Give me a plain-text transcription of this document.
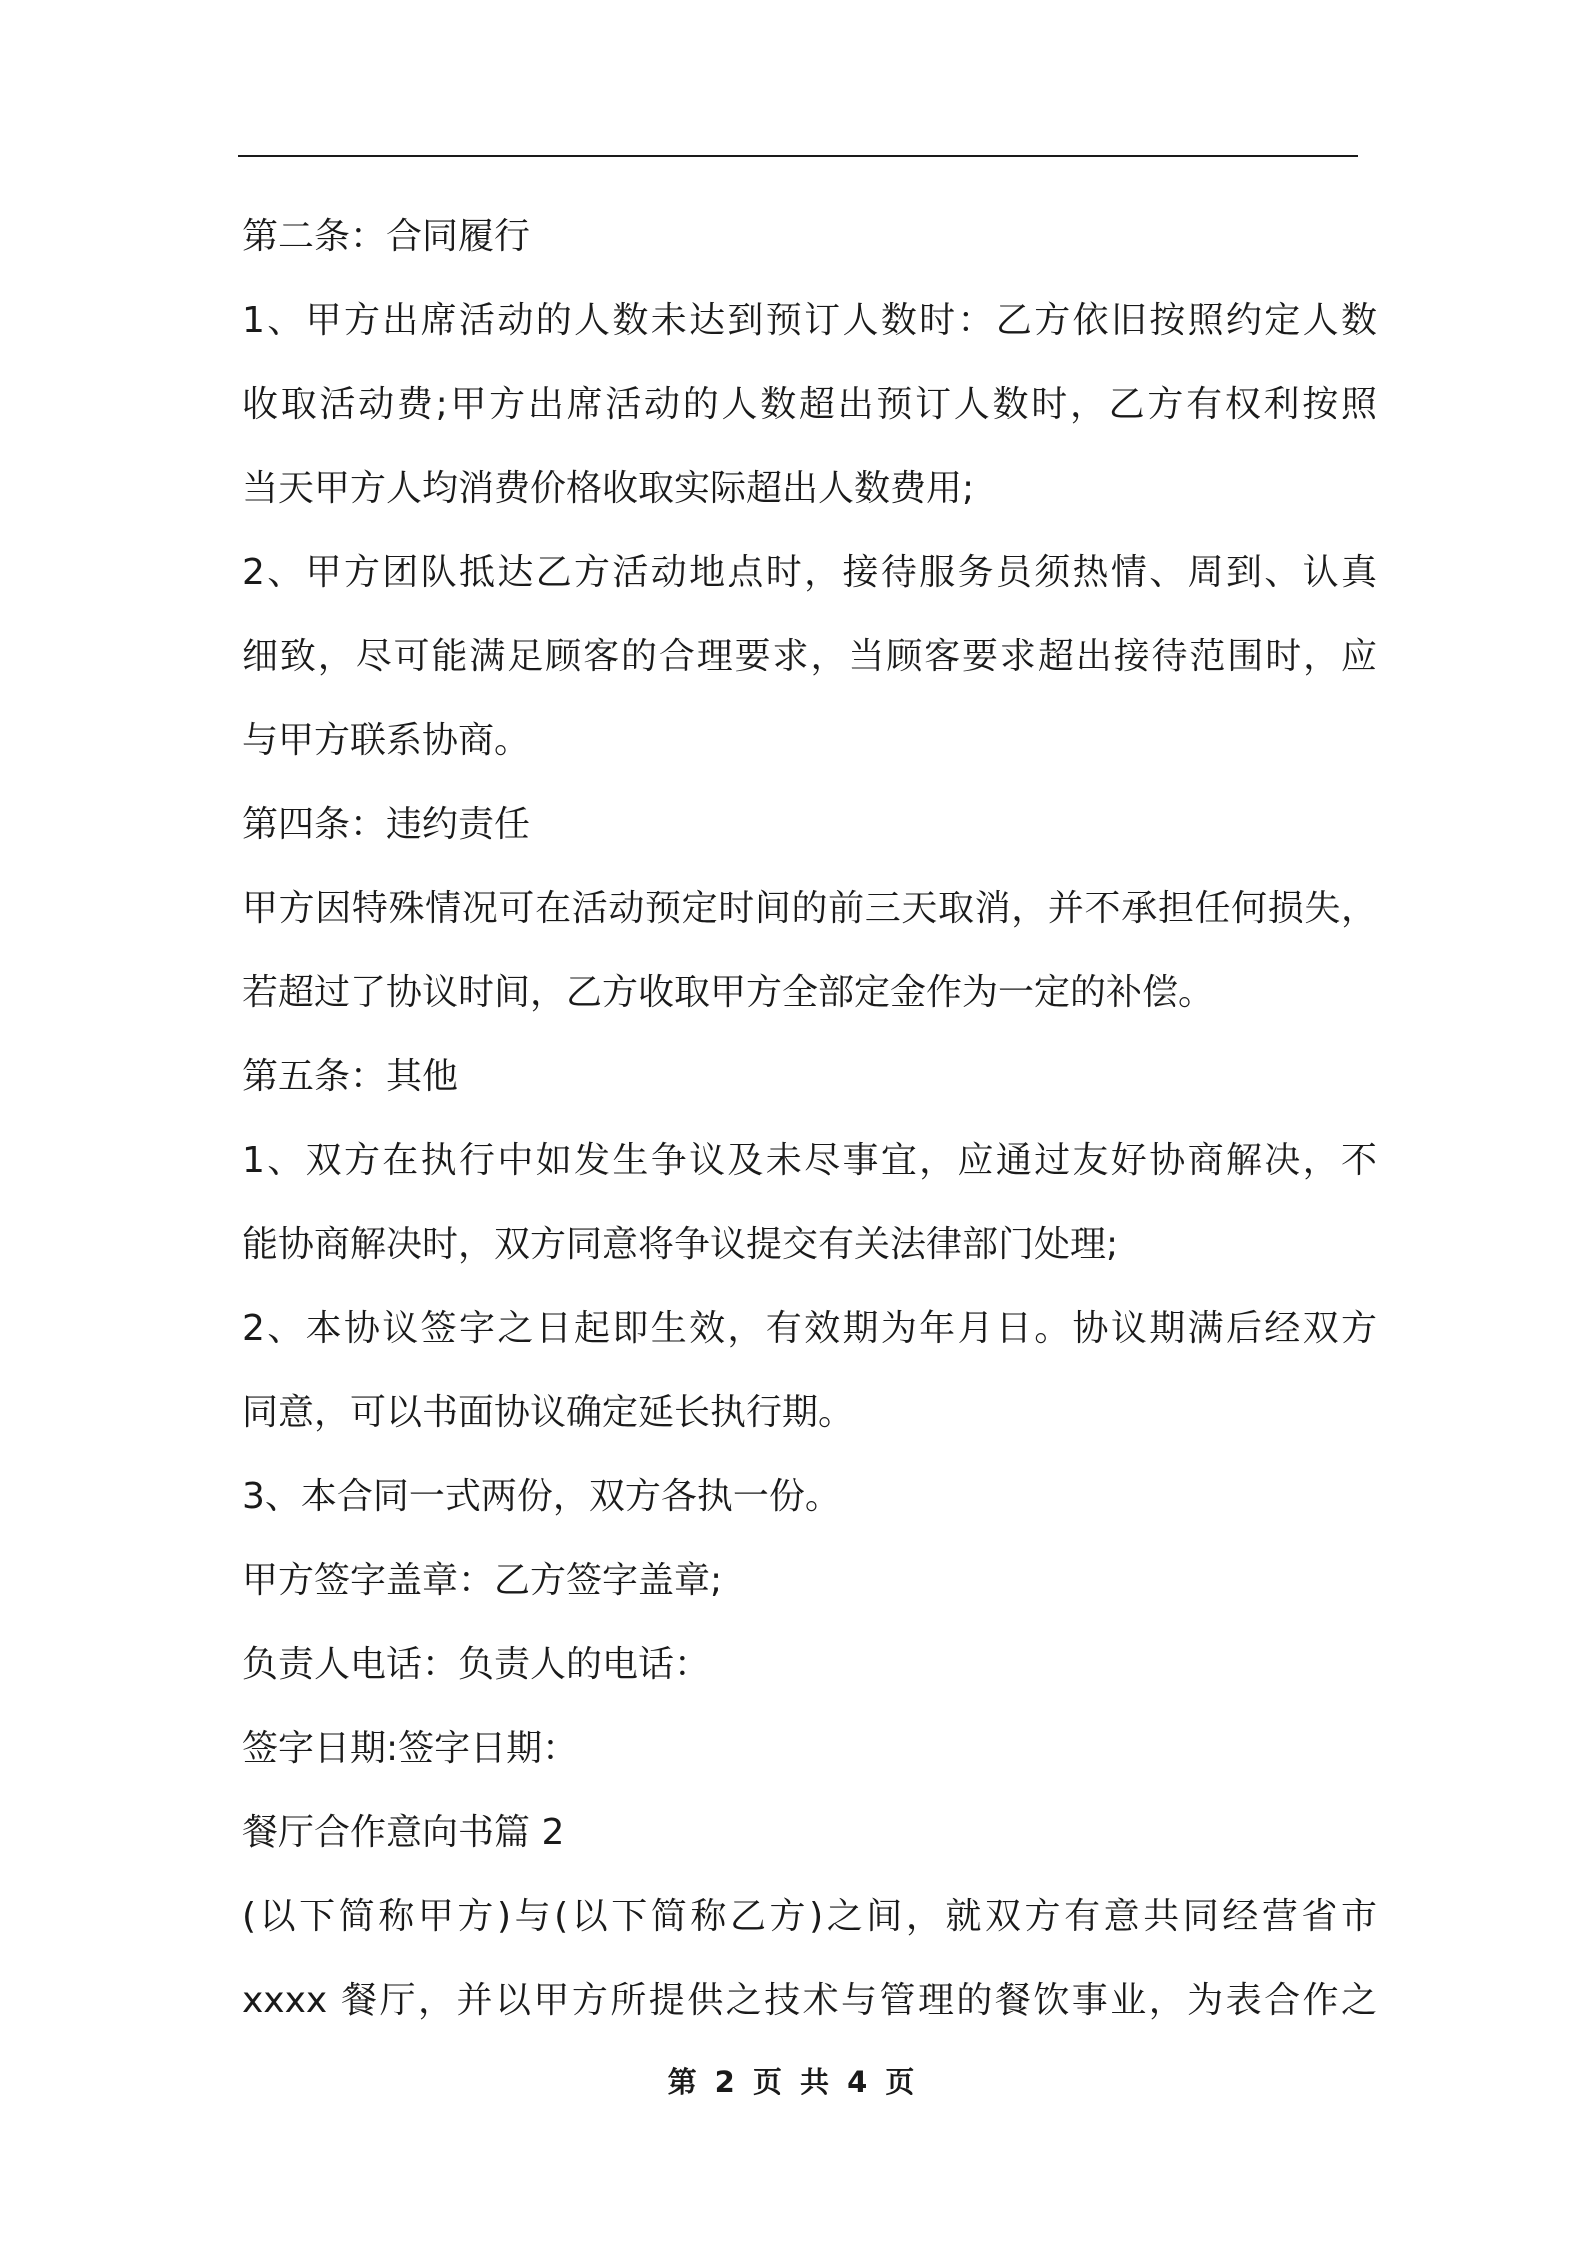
第二条：合同履行
1、甲方出席活动的人数未达到预订人数时：乙方依旧按照约定人数
收取活动费;甲方出席活动的人数超出预订人数时，乙方有权利按照
当天甲方人均消费价格收取实际超出人数费用;
2、甲方团队抵达乙方活动地点时，接待服务员须热情、周到、认真
细致，尽可能满足顾客的合理要求，当顾客要求超出接待范围时，应
与甲方联系协商。
第四条：违约责任
甲方因特殊情况可在活动预定时间的前三天取消，并不承担任何损失，
若超过了协议时间，乙方收取甲方全部定金作为一定的补偿。
第五条：其他
1、双方在执行中如发生争议及未尽事宜，应通过友好协商解决，不
能协商解决时，双方同意将争议提交有关法律部门处理;
2、本协议签字之日起即生效，有效期为年月日。协议期满后经双方
同意，可以书面协议确定延长执行期。
3、本合同一式两份，双方各执一份。
甲方签字盖章：乙方签字盖章;
负责人电话：负责人的电话：
签字日期:签字日期：
餐厅合作意向书篇 2
(以下简称甲方)与(以下简称乙方)之间，就双方有意共同经营省市
xxxx 餐厅，并以甲方所提供之技术与管理的餐饮事业，为表合作之
第 2 页 共 4 页
